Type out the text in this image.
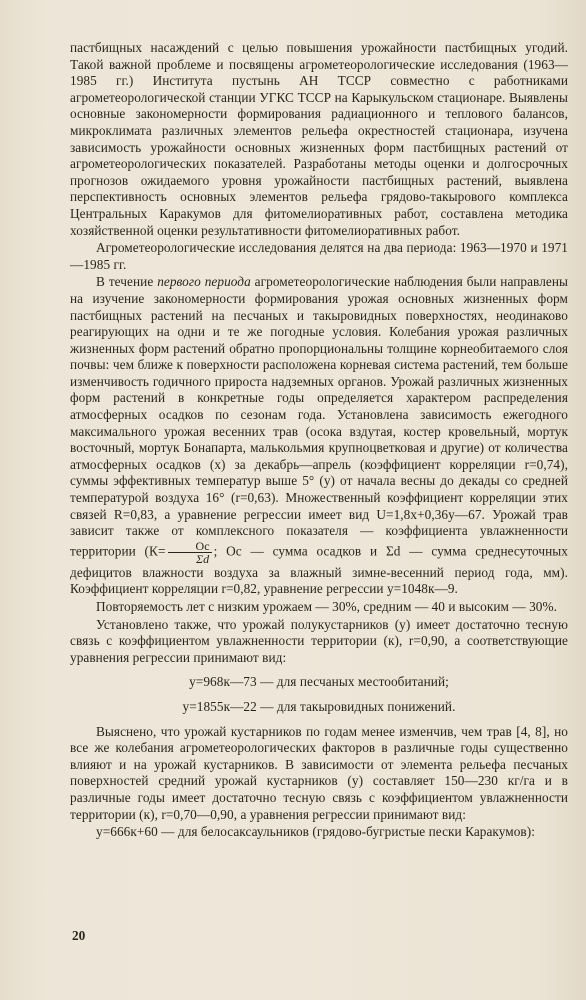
пастбищных насаждений с целью повышения урожайности пастбищных угодий. Такой важной проблеме и посвящены агрометеорологические исследования (1963—1985 гг.) Института пустынь АН ТССР совместно с работниками агрометеорологической станции УГКС ТССР на Карыкульском стационаре. Выявлены основные закономерности формирования радиационного и теплового балансов, микроклимата различных элементов рельефа окрестностей стационара, изучена зависимость урожайности основных жизненных форм пастбищных растений от агрометеорологических показателей. Разработаны методы оценки и долгосрочных прогнозов ожидаемого уровня урожайности пастбищных растений, выявлена перспективность основных элементов рельефа грядово-такырового комплекса Центральных Каракумов для фитомелиоративных работ, составлена методика хозяйственной оценки результативности фитомелиоративных работ.

Агрометеорологические исследования делятся на два периода: 1963—1970 и 1971—1985 гг.

В течение первого периода агрометеорологические наблюдения были направлены на изучение закономерности формирования урожая основных жизненных форм пастбищных растений на песчаных и такыровидных поверхностях, неодинаково реагирующих на одни и те же погодные условия. Колебания урожая различных жизненных форм растений обратно пропорциональны толщине корнеобитаемого слоя почвы: чем ближе к поверхности расположена корневая система растений, тем больше изменчивость годичного прироста надземных органов. Урожай различных жизненных форм растений в конкретные годы определяется характером распределения атмосферных осадков по сезонам года. Установлена зависимость ежегодного максимального урожая весенних трав (осока вздутая, костер кровельный, мортук восточный, мортук Бонапарта, малькольмия крупноцветковая и другие) от количества атмосферных осадков (x) за декабрь—апрель (коэффициент корреляции r=0,74), суммы эффективных температур выше 5° (y) от начала весны до декады со средней температурой воздуха 16° (r=0,63). Множественный коэффициент корреляции этих связей R=0,83, а уравнение регрессии имеет вид U=1,8x+0,36y—67. Урожай трав зависит также от комплексного показателя — коэффициента увлажненности территории ($К= \frac{Ос}{\Sigma d}$ ; Ос — сумма осадков и Σd — сумма среднесуточных дефицитов влажности воздуха за влажный зимне-весенний период года, мм). Коэффициент корреляции r=0,82, уравнение регрессии y=1048к—9.

Повторяемость лет с низким урожаем — 30%, средним — 40 и высоким — 30%.

Установлено также, что урожай полукустарников (y) имеет достаточно тесную связь с коэффициентом увлажненности территории (к), r=0,90, а соответствующие уравнения регрессии принимают вид:

y=968к—73 — для песчаных местообитаний;

y=1855к—22 — для такыровидных понижений.

Выяснено, что урожай кустарников по годам менее изменчив, чем трав [4, 8], но все же колебания агрометеорологических факторов в различные годы существенно влияют и на урожай кустарников. В зависимости от элемента рельефа песчаных поверхностей средний урожай кустарников (y) составляет 150—230 кг/га и в различные годы имеет достаточно тесную связь с коэффициентом увлажненности территории (к), r=0,70—0,90, а уравнения регрессии принимают вид:

y=666к+60 — для белосаксаульников (грядово-бугристые пески Каракумов):

20
